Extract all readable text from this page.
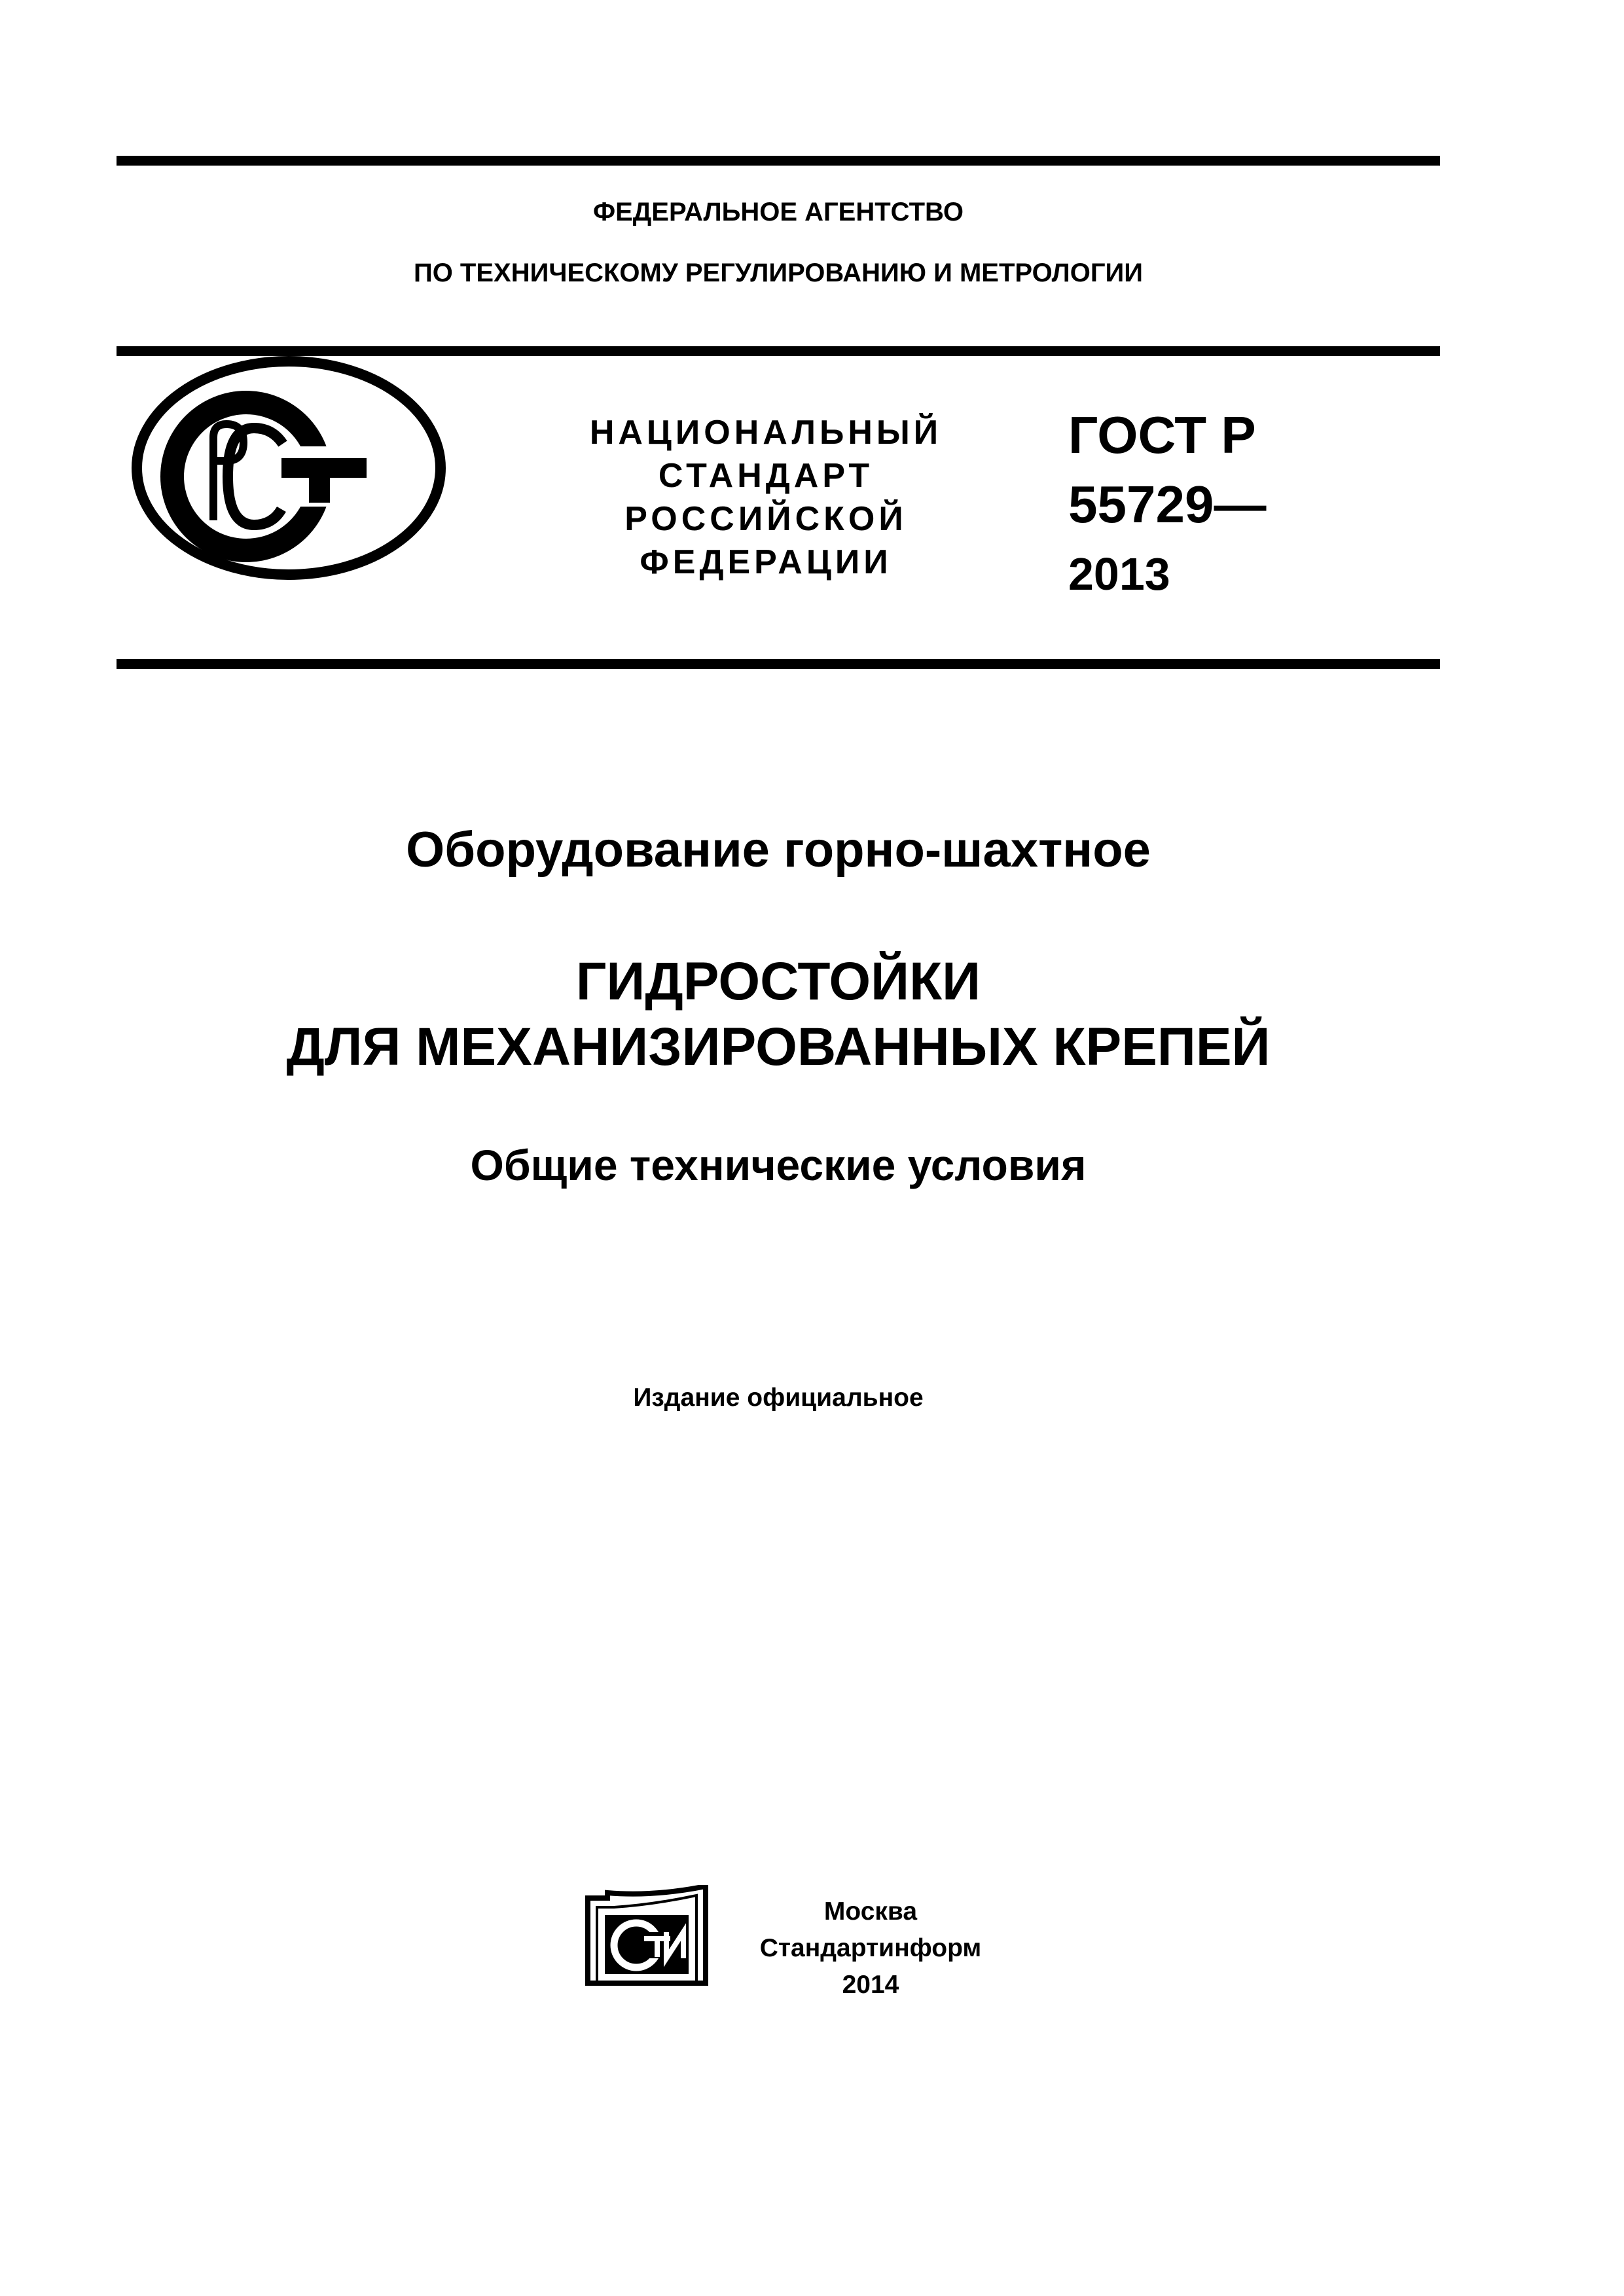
ФЕДЕРАЛЬНОЕ АГЕНТСТВО
ПО ТЕХНИЧЕСКОМУ РЕГУЛИРОВАНИЮ И МЕТРОЛОГИИ
НАЦИОНАЛЬНЫЙ
СТАНДАРТ
РОССИЙСКОЙ
ФЕДЕРАЦИИ
ГОСТ Р
55729—
2013
Оборудование горно-шахтное
ГИДРОСТОЙКИ
ДЛЯ МЕХАНИЗИРОВАННЫХ КРЕПЕЙ
Общие технические условия
Издание официальное
Москва
Стандартинформ
2014
